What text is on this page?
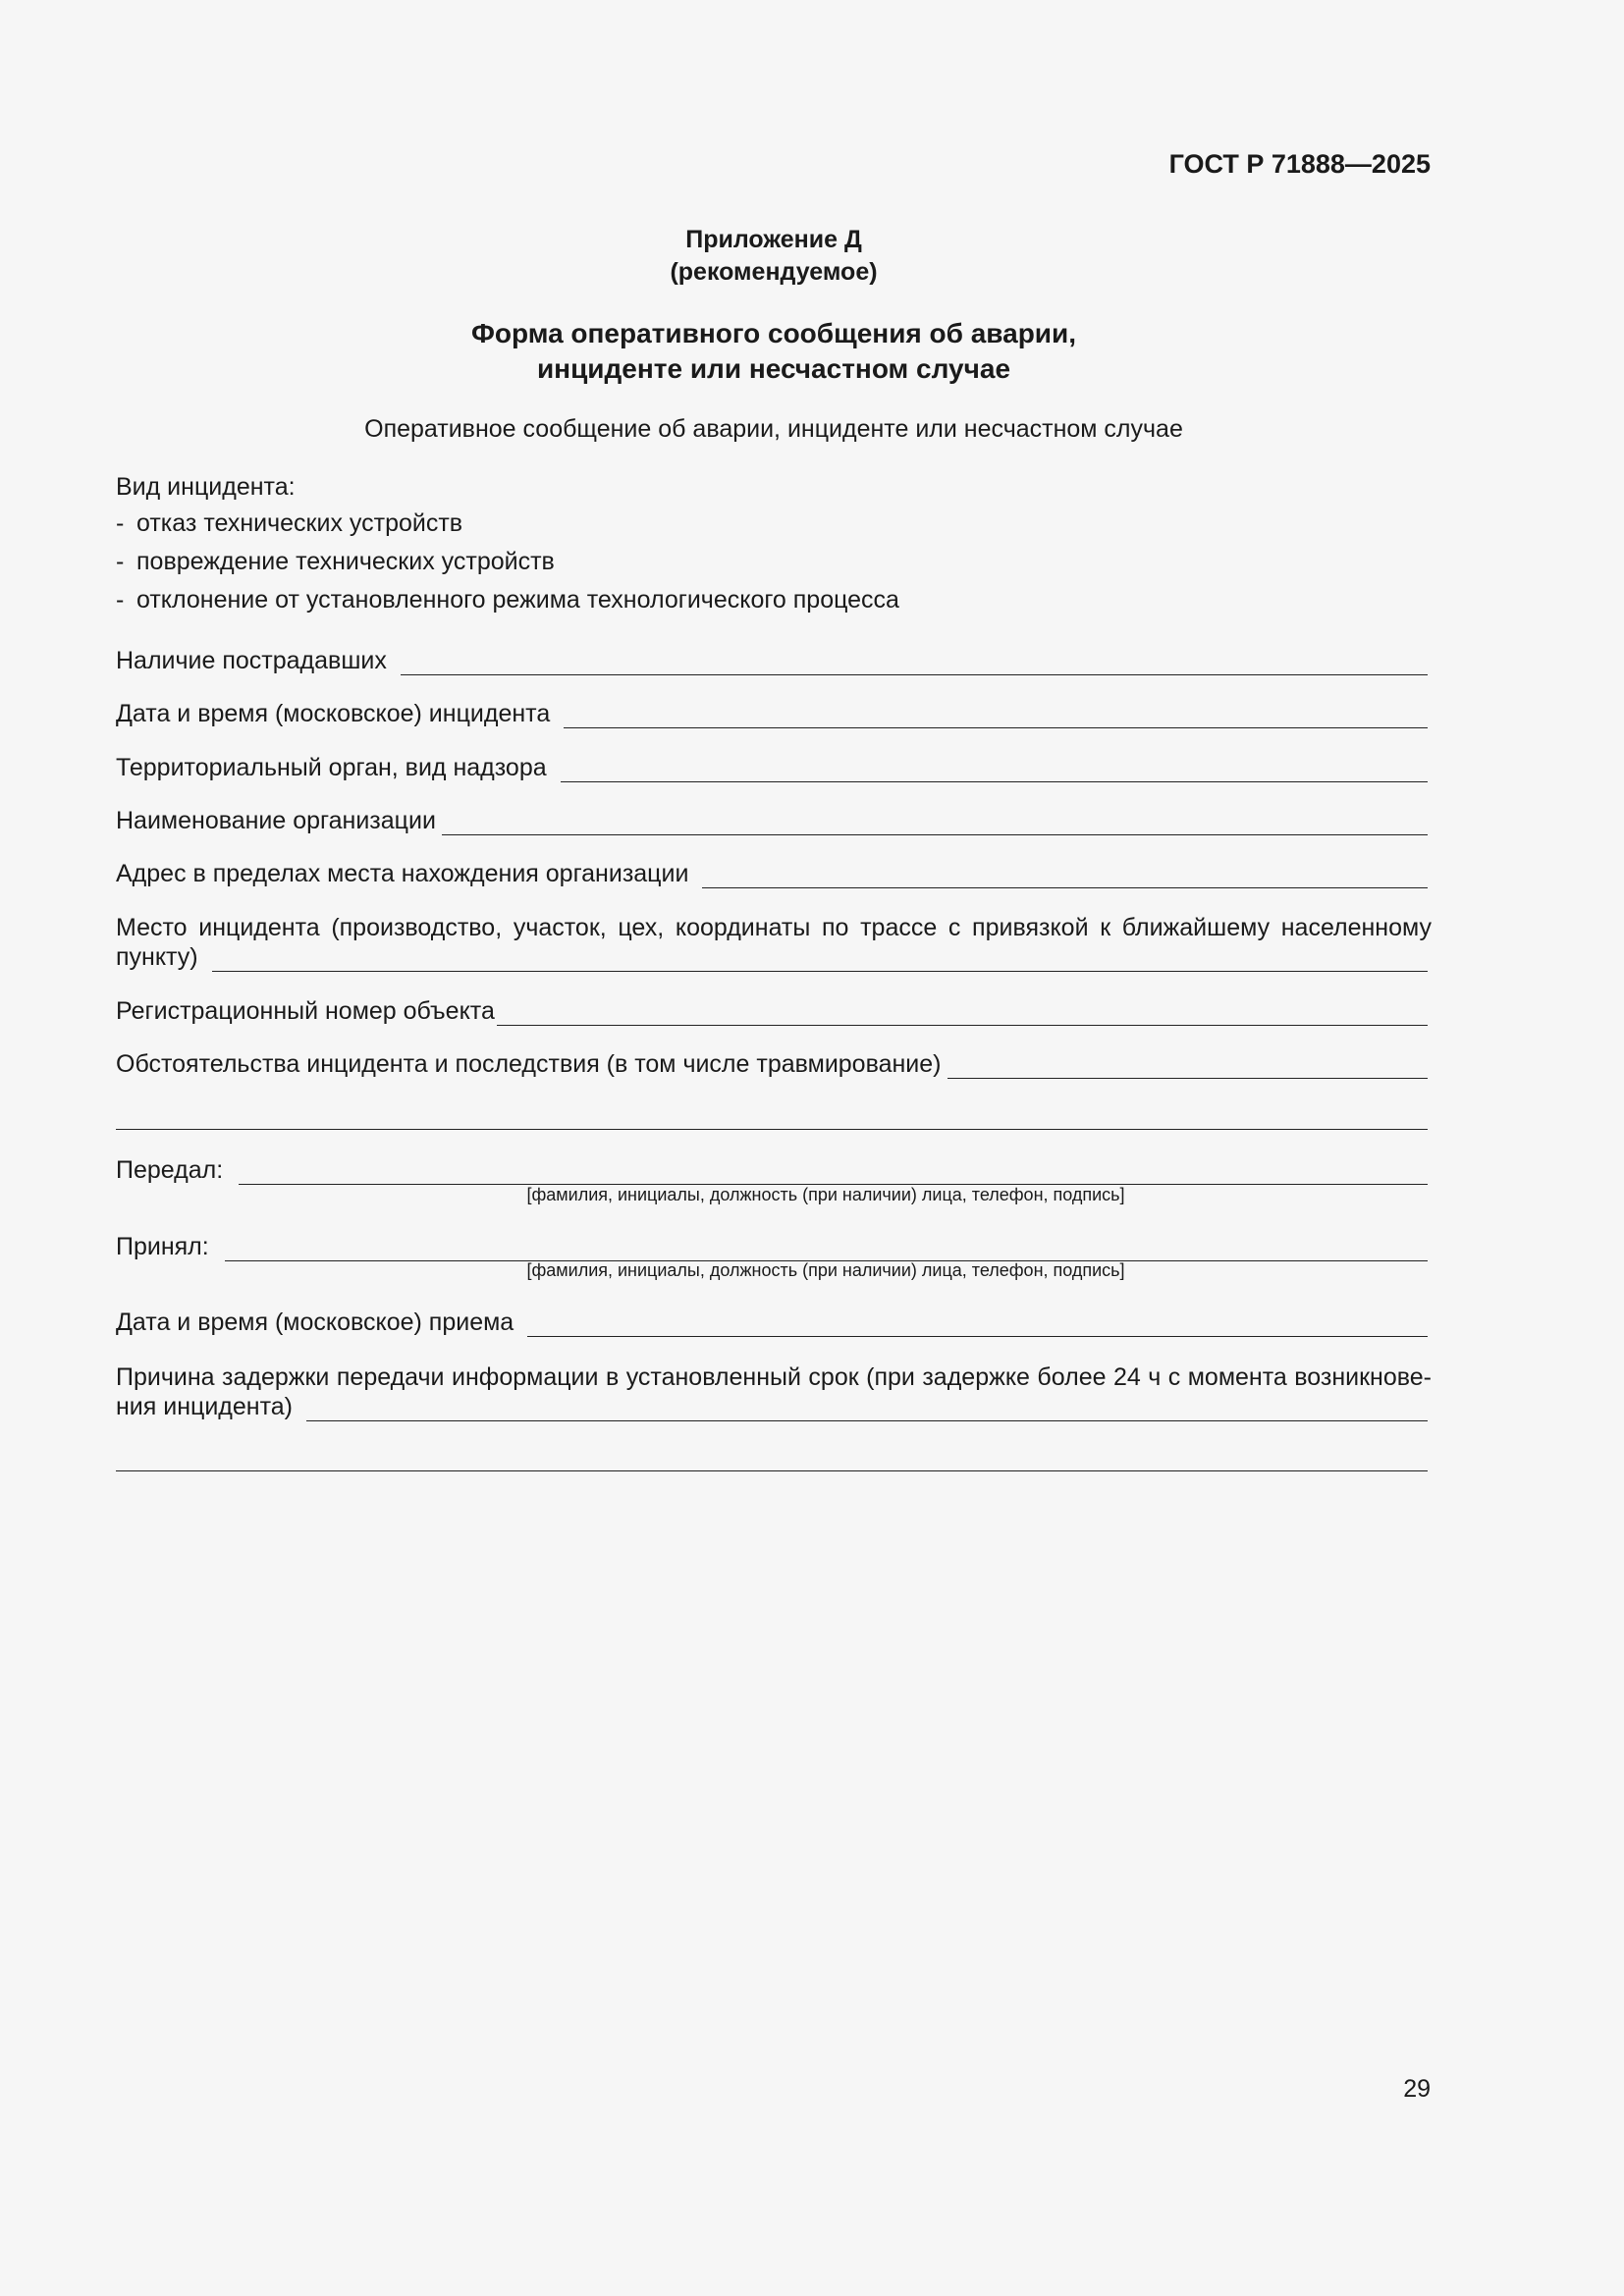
ГОСТ Р 71888—2025
Приложение Д
(рекомендуемое)
Форма оперативного сообщения об аварии,
инциденте или несчастном случае
Оперативное сообщение об аварии, инциденте или несчастном случае
Вид инцидента:
- отказ технических устройств
- повреждение технических устройств
- отклонение от установленного режима технологического процесса
Наличие пострадавших
Дата и время (московское) инцидента
Территориальный орган, вид надзора
Наименование организации
Адрес в пределах места нахождения организации
Место инцидента (производство, участок, цех, координаты по трассе с привязкой к ближайшему населенному
пункту)
Регистрационный номер объекта
Обстоятельства инцидента и последствия (в том числе травмирование)
Передал:
[фамилия, инициалы, должность (при наличии) лица, телефон, подпись]
Принял:
[фамилия, инициалы, должность (при наличии) лица, телефон, подпись]
Дата и время (московское) приема
Причина задержки передачи информации в установленный срок (при задержке более 24 ч с момента возникнове-
ния инцидента)
29
